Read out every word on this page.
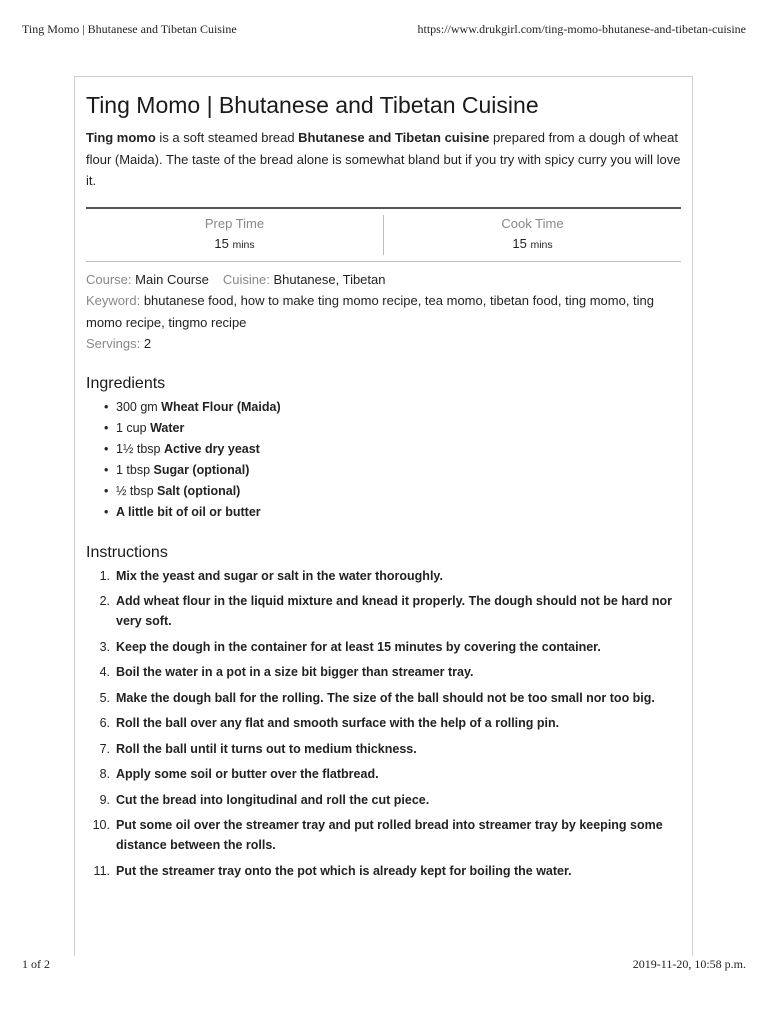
Ting Momo | Bhutanese and Tibetan Cuisine	https://www.drukgirl.com/ting-momo-bhutanese-and-tibetan-cuisine
Ting Momo | Bhutanese and Tibetan Cuisine

Ting momo is a soft steamed bread Bhutanese and Tibetan cuisine prepared from a dough of wheat flour (Maida). The taste of the bread alone is somewhat bland but if you try with spicy curry you will love it.

Prep Time
15 mins
Cook Time
15 mins
Course: Main Course Cuisine: Bhutanese, Tibetan
Keyword: bhutanese food, how to make ting momo recipe, tea momo, tibetan food, ting momo, ting momo recipe, tingmo recipe
Servings: 2
Ingredients
• 300 gm Wheat Flour (Maida)
• 1 cup Water
• 1½ tbsp Active dry yeast
• 1 tbsp Sugar (optional)
• ½ tbsp Salt (optional)
• A little bit of oil or butter
Instructions
1. Mix the yeast and sugar or salt in the water thoroughly.
2. Add wheat flour in the liquid mixture and knead it properly. The dough should not be hard nor very soft.
3. Keep the dough in the container for at least 15 minutes by covering the container.
4. Boil the water in a pot in a size bit bigger than streamer tray.
5. Make the dough ball for the rolling. The size of the ball should not be too small nor too big.
6. Roll the ball over any flat and smooth surface with the help of a rolling pin.
7. Roll the ball until it turns out to medium thickness.
8. Apply some soil or butter over the flatbread.
9. Cut the bread into longitudinal and roll the cut piece.
10. Put some oil over the streamer tray and put rolled bread into streamer tray by keeping some distance between the rolls.
11. Put the streamer tray onto the pot which is already kept for boiling the water.
1 of 2	2019-11-20, 10:58 p.m.
